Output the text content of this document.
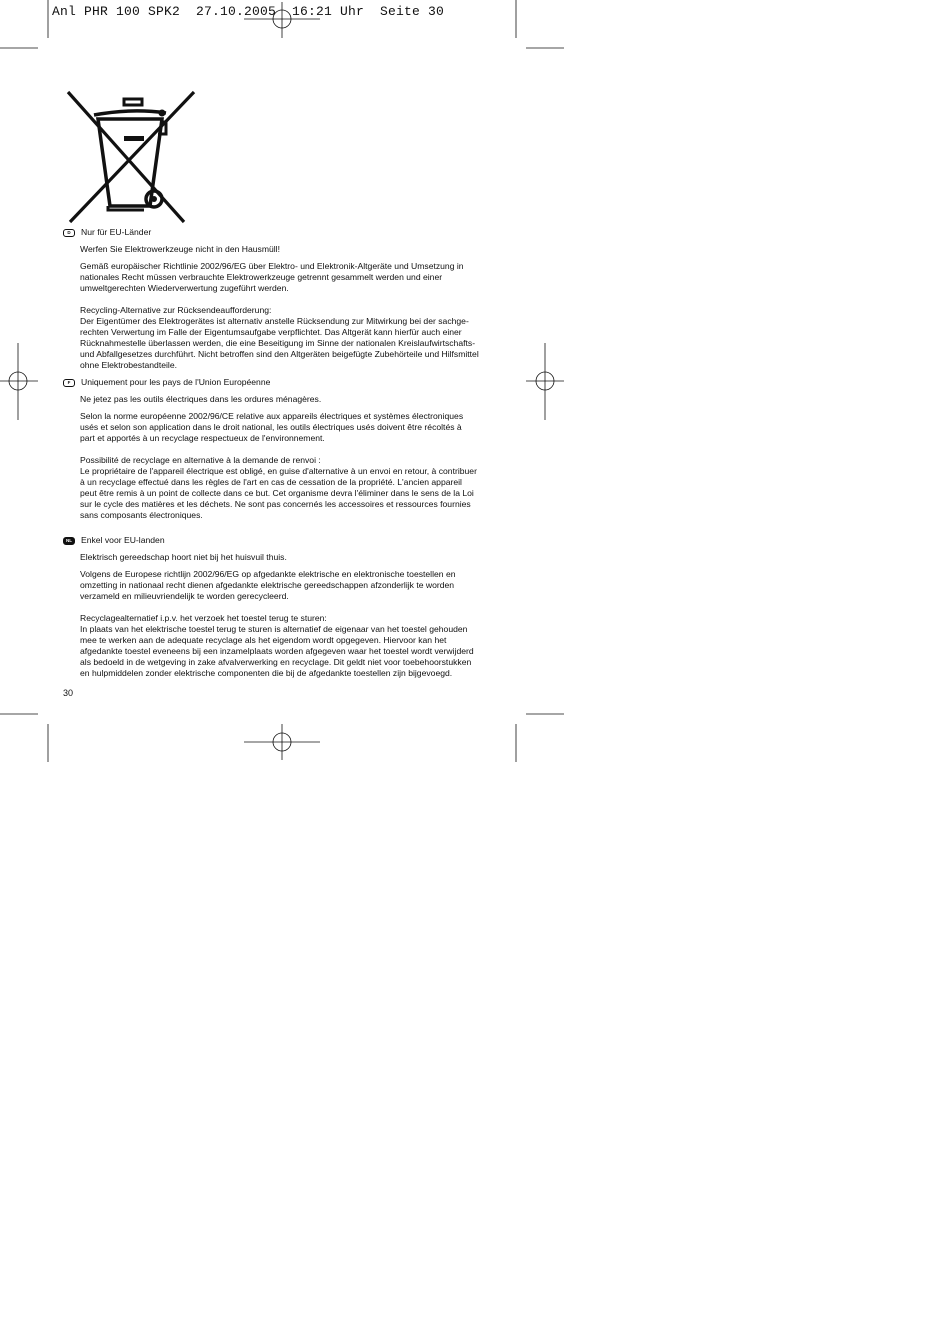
Anl PHR 100 SPK2  27.10.2005  16:21 Uhr  Seite 30
D	Nur für EU-Länder

Werfen Sie Elektrowerkzeuge nicht in den Hausmüll!

Gemäß europäischer Richtlinie 2002/96/EG über Elektro- und Elektronik-Altgeräte und Umsetzung in
nationales Recht müssen verbrauchte Elektrowerkzeuge getrennt gesammelt werden und einer
umweltgerechten Wiederverwertung zugeführt werden.

Recycling-Alternative zur Rücksendeaufforderung:
Der Eigentümer des Elektrogerätes ist alternativ anstelle Rücksendung zur Mitwirkung bei der sachge-
rechten Verwertung im Falle der Eigentumsaufgabe verpflichtet. Das Altgerät kann hierfür auch einer
Rücknahmestelle überlassen werden, die eine Beseitigung im Sinne der nationalen Kreislaufwirtschafts-
und Abfallgesetzes durchführt. Nicht betroffen sind den Altgeräten beigefügte Zubehörteile und Hilfsmittel
ohne Elektrobestandteile.

F	Uniquement pour les pays de l'Union Européenne

Ne jetez pas les outils électriques dans les ordures ménagères.

Selon la norme européenne 2002/96/CE relative aux appareils électriques et systèmes électroniques
usés et selon son application dans le droit national, les outils électriques usés doivent être récoltés à
part et apportés à un recyclage respectueux de l'environnement.

Possibilité de recyclage en alternative à la demande de renvoi :
Le propriétaire de l'appareil électrique est obligé, en guise d'alternative à un envoi en retour, à contribuer
à un recyclage effectué dans les règles de l'art en cas de cessation de la propriété. L'ancien appareil
peut être remis à un point de collecte dans ce but. Cet organisme devra l'éliminer dans le sens de la Loi
sur le cycle des matières et les déchets. Ne sont pas concernés les accessoires et ressources fournies
sans composants électroniques.

NL	Enkel voor EU-landen

Elektrisch gereedschap hoort niet bij het huisvuil thuis.

Volgens de Europese richtlijn 2002/96/EG op afgedankte elektrische en elektronische toestellen en
omzetting in nationaal recht dienen afgedankte elektrische gereedschappen afzonderlijk te worden
verzameld en milieuvriendelijk te worden gerecycleerd.

Recyclagealternatief i.p.v. het verzoek het toestel terug te sturen:
In plaats van het elektrische toestel terug te sturen is alternatief de eigenaar van het toestel gehouden
mee te werken aan de adequate recyclage als het eigendom wordt opgegeven. Hiervoor kan het
afgedankte toestel eveneens bij een inzamelplaats worden afgegeven waar het toestel wordt verwijderd
als bedoeld in de wetgeving in zake afvalverwerking en recyclage. Dit geldt niet voor toebehoorstukken
en hulpmiddelen zonder elektrische componenten die bij de afgedankte toestellen zijn bijgevoegd.

30
